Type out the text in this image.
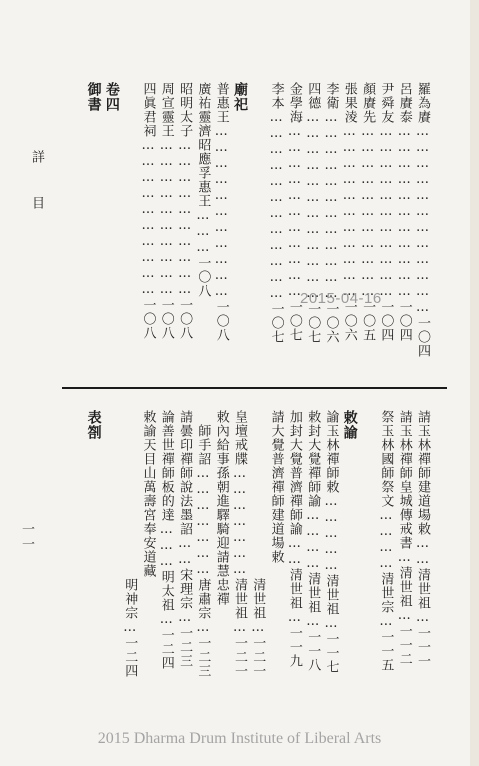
詳　目	羅為賡………………………………一〇四
呂賡泰……………………………一〇四
尹舜友……………………………一〇四
顏賡先……………………………一〇五
張果淩……………………………一〇六
李衛………………………………一〇六
四德………………………………一〇七
金學海……………………………一〇七
李本………………………………一〇七
廟祀
普惠王……………………………一〇八
廣祐靈濟昭應孚惠王………一〇八
昭明太子…………………………一〇八
周宣靈王…………………………一〇八
四眞君祠…………………………一〇八
卷四
御書
請玉林禪師建道場敕……清世祖…一一一
請玉林禪師皇城傳戒書…清世祖…一一二
祭玉林國師祭文…………清世宗…一一五
敕諭
諭玉林禪師敕……………清世祖…一一七
敕封大覺禪師諭…………清世祖…一一八
加封大覺普濟禪師諭……清世祖…一一九
請大覺普濟禪師建道場敕
　　　　　　　　　　　　清世祖…一二一
皇壇戒牒…………………清世祖…一二一
敕內給事孫朝進驛騎迎請慧忠禪
　師手詔…………………唐肅宗…一二三
請曇印禪師說法墨詔……宋理宗…一二三
論善世禪師板的達………明太祖…一二四
敕諭天目山萬壽宮奉安道藏
　　　　　　　　　　　　明神宗…一二四
表劄
一一
2015-04-16
2015 Dharma Drum Institute of Liberal Arts
